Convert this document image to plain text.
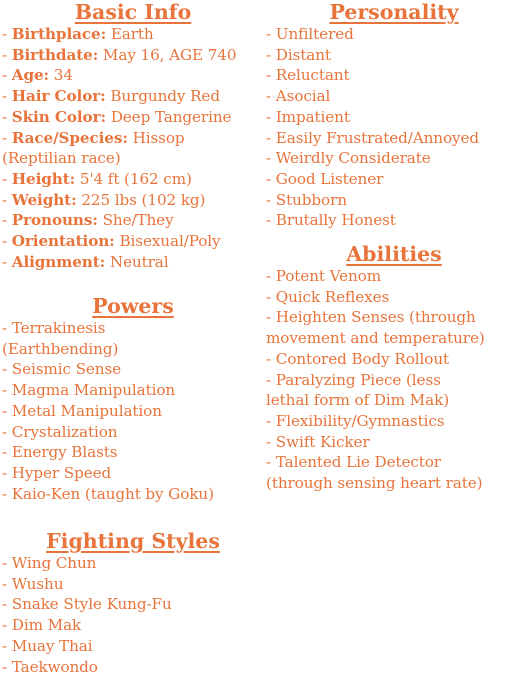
Basic Info
- Birthplace: Earth
- Birthdate: May 16, AGE 740
- Age: 34
- Hair Color: Burgundy Red
- Skin Color: Deep Tangerine
- Race/Species: Hissop
(Reptilian race)
- Height: 5'4 ft (162 cm)
- Weight: 225 lbs (102 kg)
- Pronouns: She/They
- Orientation: Bisexual/Poly
- Alignment: Neutral
Powers
- Terrakinesis
(Earthbending)
- Seismic Sense
- Magma Manipulation
- Metal Manipulation
- Crystalization
- Energy Blasts
- Hyper Speed
- Kaio-Ken (taught by Goku)
Fighting Styles
- Wing Chun
- Wushu
- Snake Style Kung-Fu
- Dim Mak
- Muay Thai
- Taekwondo
Personality
- Unfiltered
- Distant
- Reluctant
- Asocial
- Impatient
- Easily Frustrated/Annoyed
- Weirdly Considerate
- Good Listener
- Stubborn
- Brutally Honest
Abilities
- Potent Venom
- Quick Reflexes
- Heighten Senses (through
movement and temperature)
- Contored Body Rollout
- Paralyzing Piece (less
lethal form of Dim Mak)
- Flexibility/Gymnastics
- Swift Kicker
- Talented Lie Detector
(through sensing heart rate)
